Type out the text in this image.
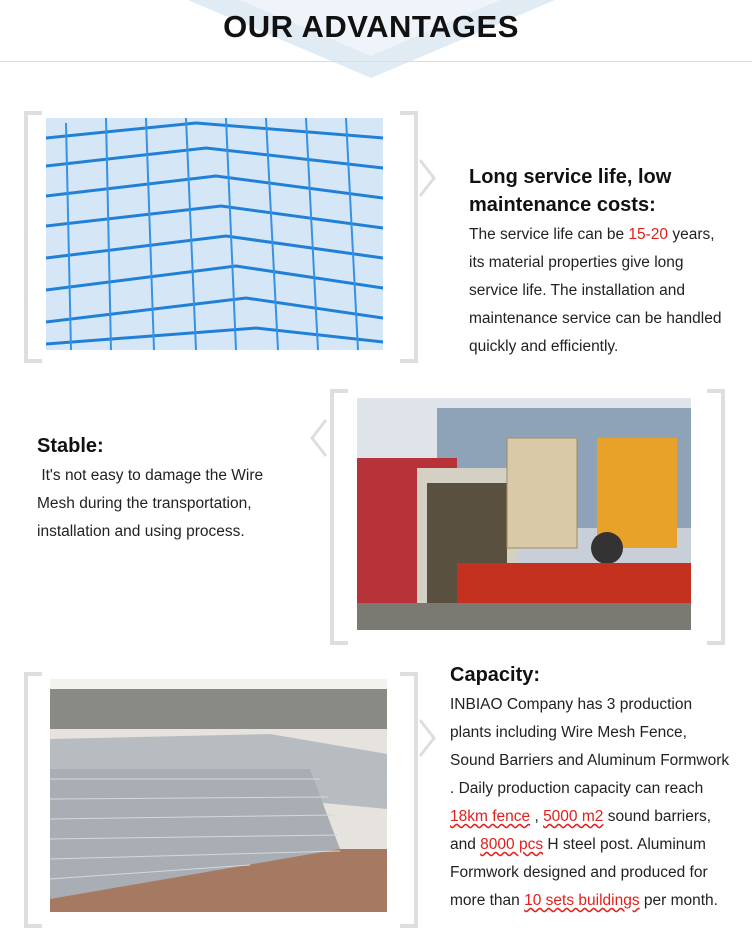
OUR ADVANTAGES
Long service life, low maintenance costs:

The service life can be 15-20 years, its material properties give long service life. The installation and maintenance service can be handled quickly and efficiently.

Stable:

It's not easy to damage the Wire Mesh during the transportation, installation and using process.

Capacity:

INBIAO Company has 3 production plants including Wire Mesh Fence, Sound Barriers and Aluminum Formwork . Daily production capacity can reach 18km fence , 5000 m2 sound barriers, and 8000 pcs H steel post. Aluminum Formwork designed and produced for more than 10 sets buildings per month.
